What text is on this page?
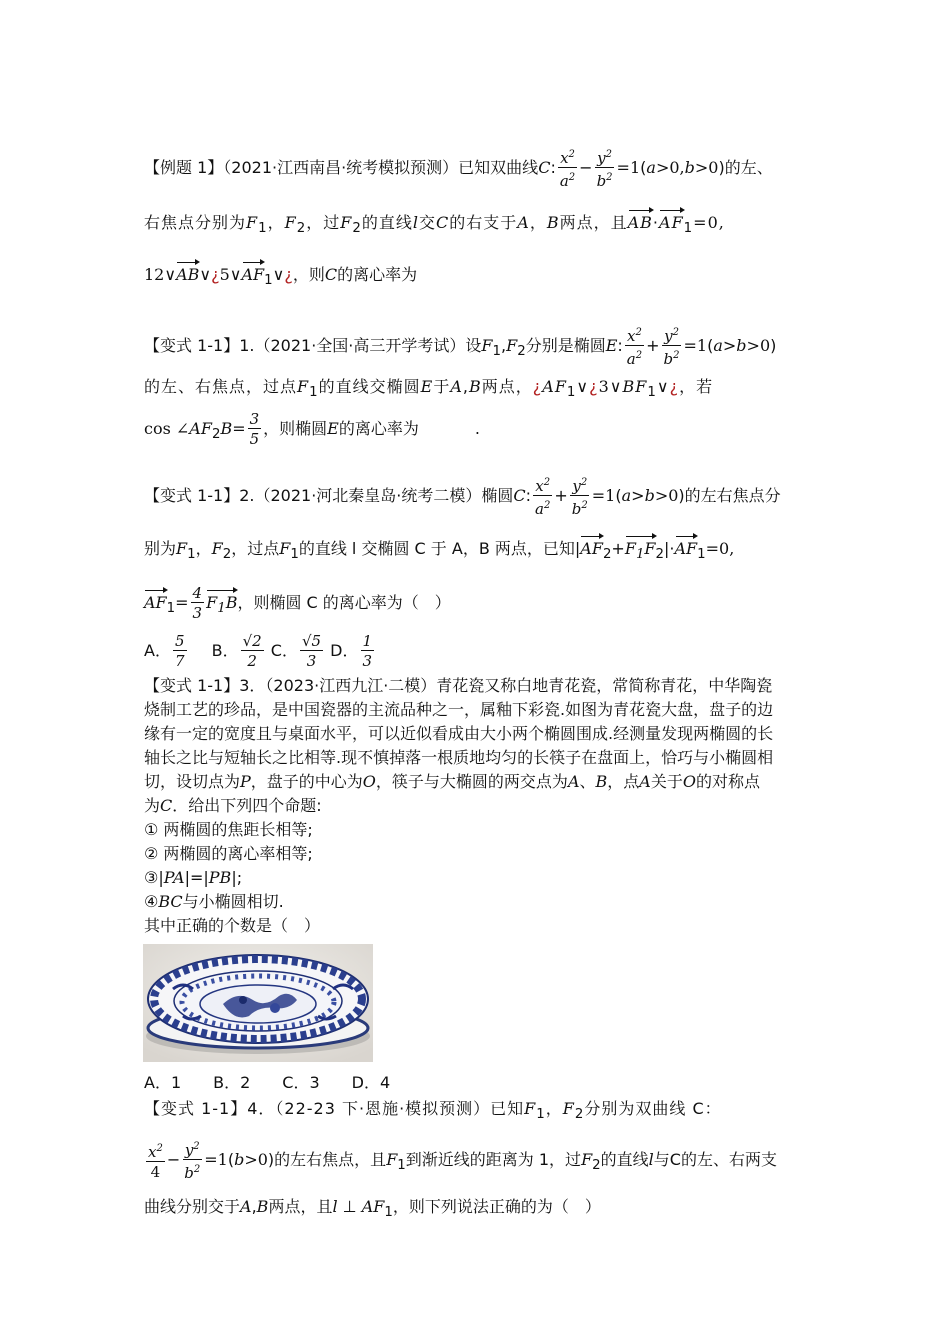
【例题 1】（2021·江西南昌·统考模拟预测）已知双曲线C: $\frac{x^2}{a^2} - \frac{y^2}{b^2} =1(a>0,b>0)$的左、
右焦点分别为$F_1$，$F_2$，过$F_2$的直线l交C的右支于A，B两点，且$AB\cdot AF_1=0$,
$12\vee AB\vee¿5\vee AF_1\vee¿$，则C的离心率为
【变式 1-1】1.（2021·全国·高三开学考试）设$F_1,F_2$分别是椭圆E: $\frac{x^2}{a^2} + \frac{y^2}{b^2} =1(a>b>0)$
的左、右焦点，过点$F_1$的直线交椭圆E于A,B两点，¿$AF_1\vee¿3\vee BF_1\vee¿$，若
$\cos \angle AF_2B= \frac{3}{5}$ ，则椭圆E的离心率为	.
【变式 1-1】2.（2021·河北秦皇岛·统考二模）椭圆C: $\frac{x^2}{a^2} + \frac{y^2}{b^2} =1(a>b>0)$的左右焦点分
别为$F_1$，$F_2$，过点$F_1$的直线 l 交椭圆 C 于 A，B 两点，已知$|AF_2+F_1F_2|\cdot AF_1=0$,
$AF_1= \frac{4}{3} F_1B$，则椭圆 C 的离心率为（　）
A． $\frac{5}{7}$ B． $\frac{√2}{2}$ C． $\frac{√5}{3}$ D． $\frac{1}{3}$
【变式 1-1】3．（2023·江西九江·二模）青花瓷又称白地青花瓷，常简称青花，中华陶瓷
烧制工艺的珍品，是中国瓷器的主流品种之一，属釉下彩瓷.如图为青花瓷大盘，盘子的边
缘有一定的宽度且与桌面水平，可以近似看成由大小两个椭圆围成.经测量发现两椭圆的长
轴长之比与短轴长之比相等.现不慎掉落一根质地均匀的长筷子在盘面上，恰巧与小椭圆相
切，设切点为P，盘子的中心为O，筷子与大椭圆的两交点为A、B，点A关于O的对称点
为C．给出下列四个命题:
① 两椭圆的焦距长相等;
② 两椭圆的离心率相等;
③|PA|=|PB|;
④BC与小椭圆相切.
其中正确的个数是（　）
A．1　　B．2　　C．3　　D．4
【变式 1-1】4．（22-23 下·恩施·模拟预测）已知$F_1$，$F_2$分别为双曲线 C：
$\frac{x^2}{4} - \frac{y^2}{b^2} =1(b>0)$的左右焦点，且$F_1$到渐近线的距离为 1，过$F_2$的直线l与C的左、右两支
曲线分别交于A,B两点，且l ⊥ $AF_1$，则下列说法正确的为（　）
